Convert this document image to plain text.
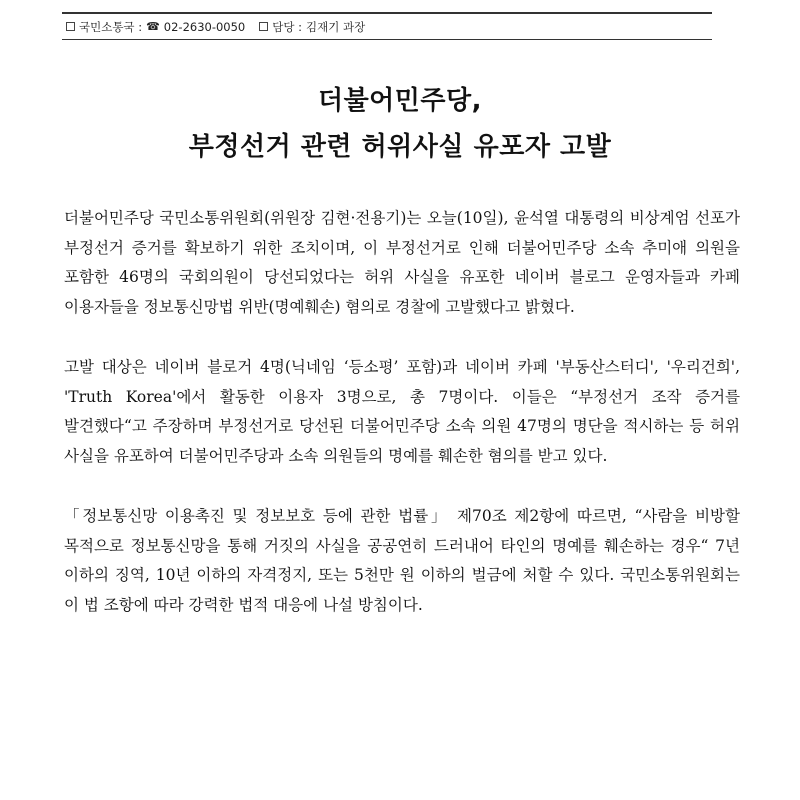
국민소통국 : ☎ 02-2630-0050 담당 : 김재기 과장
더불어민주당,
부정선거 관련 허위사실 유포자 고발

더불어민주당 국민소통위원회(위원장 김현·전용기)는 오늘(10일), 윤석열 대통령의 비상계엄 선포가 부정선거 증거를 확보하기 위한 조치이며, 이 부정선거로 인해 더불어민주당 소속 추미애 의원을 포함한 46명의 국회의원이 당선되었다는 허위 사실을 유포한 네이버 블로그 운영자들과 카페 이용자들을 정보통신망법 위반(명예훼손) 혐의로 경찰에 고발했다고 밝혔다.

고발 대상은 네이버 블로거 4명(닉네임 ‘등소평’ 포함)과 네이버 카페 '부동산스터디', '우리건희', 'Truth Korea'에서 활동한 이용자 3명으로, 총 7명이다. 이들은 “부정선거 조작 증거를 발견했다“고 주장하며 부정선거로 당선된 더불어민주당 소속 의원 47명의 명단을 적시하는 등 허위 사실을 유포하여 더불어민주당과 소속 의원들의 명예를 훼손한 혐의를 받고 있다.

「정보통신망 이용촉진 및 정보보호 등에 관한 법률」 제70조 제2항에 따르면, “사람을 비방할 목적으로 정보통신망을 통해 거짓의 사실을 공공연히 드러내어 타인의 명예를 훼손하는 경우“ 7년 이하의 징역, 10년 이하의 자격정지, 또는 5천만 원 이하의 벌금에 처할 수 있다. 국민소통위원회는 이 법 조항에 따라 강력한 법적 대응에 나설 방침이다.
